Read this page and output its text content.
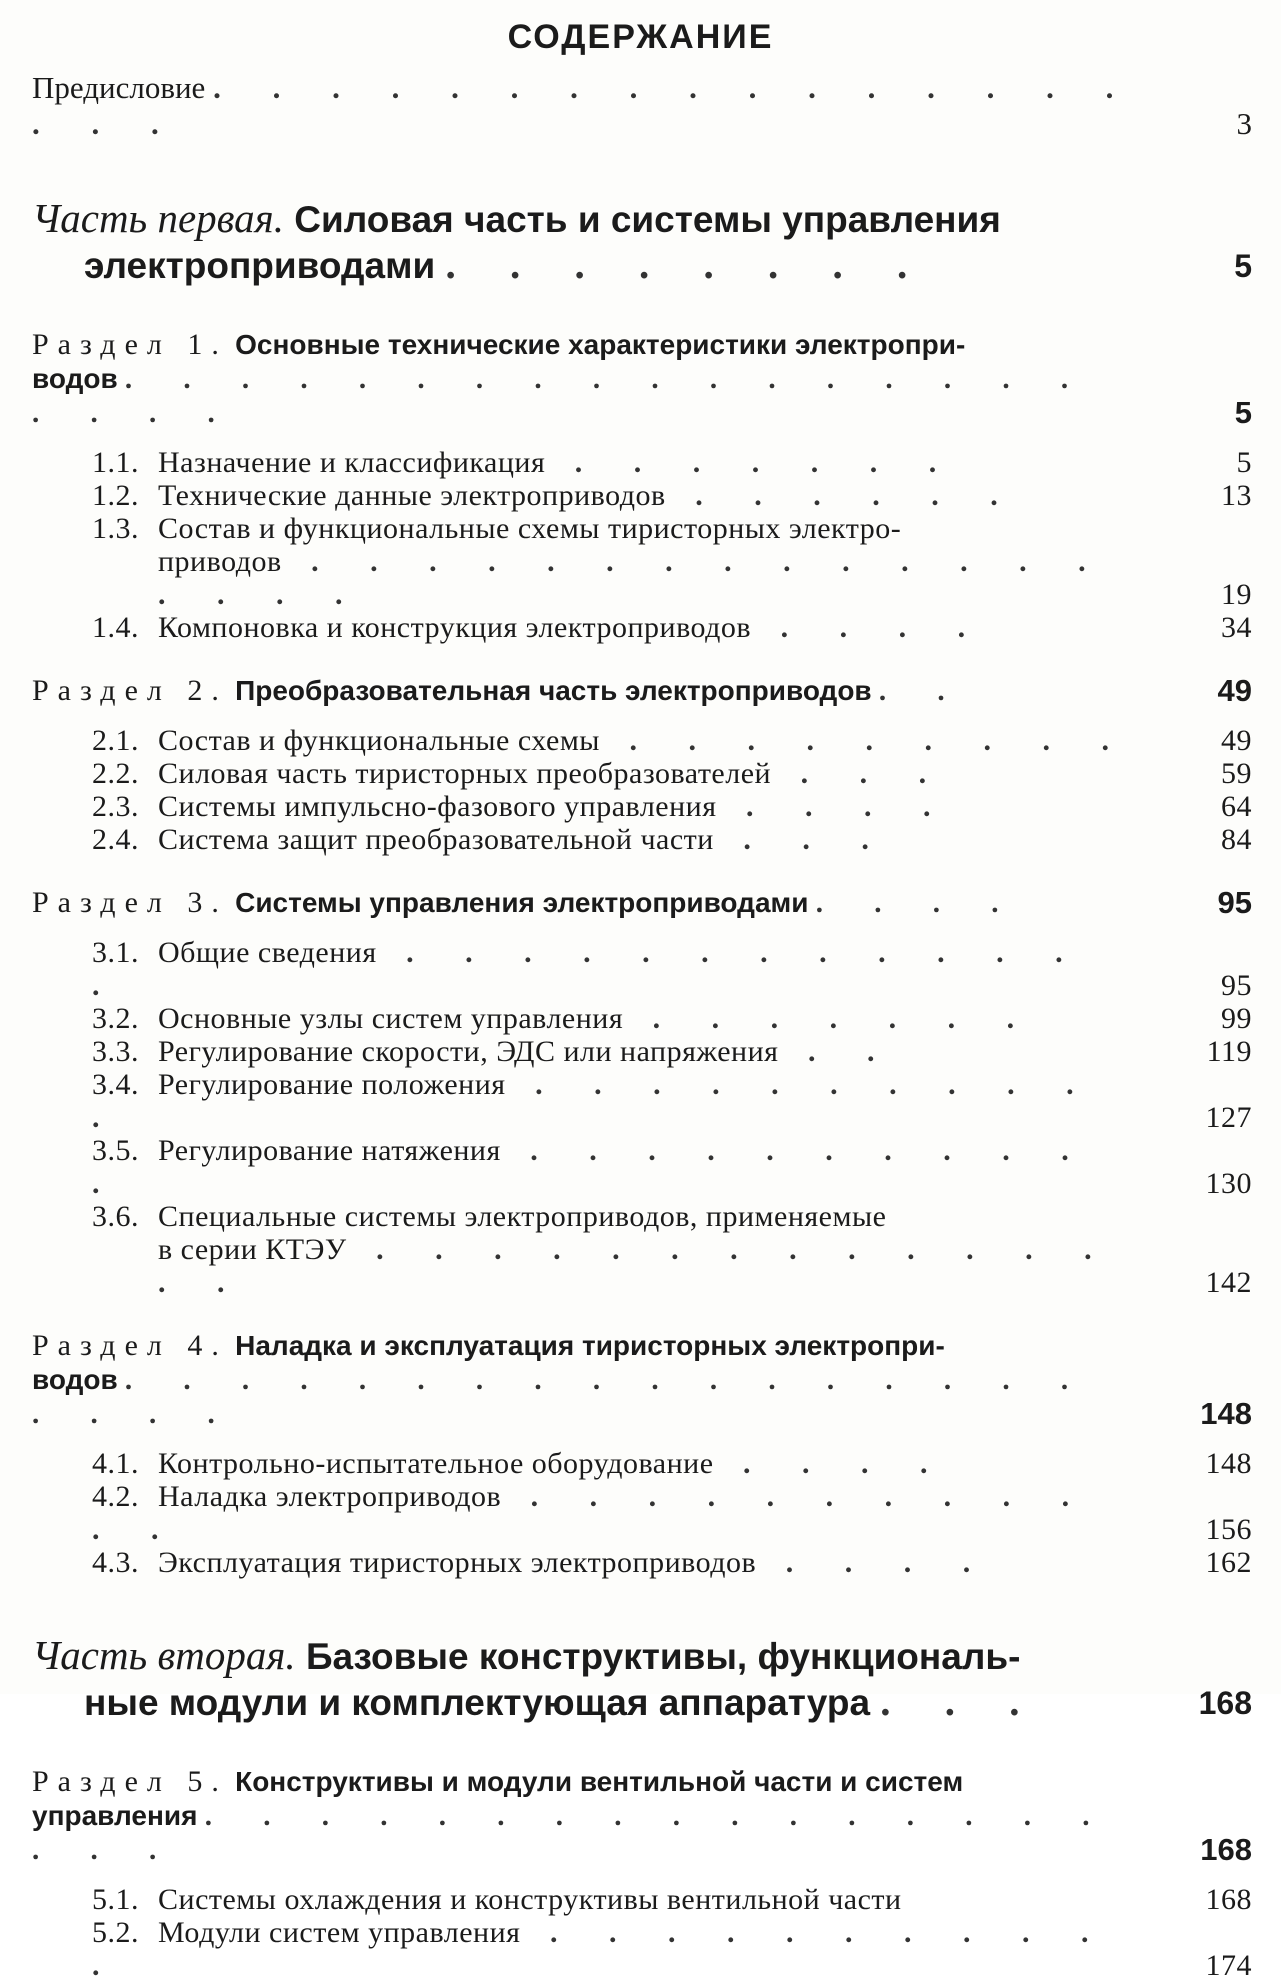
СОДЕРЖАНИЕ
Предисловие . . . . . . . . . . . . . . . . . . .	3
Часть первая. Силовая часть и системы управления
электроприводами . . . . . . . .	5
Раздел 1. Основные технические характеристики электропри-
водов . . . . . . . . . . . . . . . . . . . . .	5
1.1. Назначение и классификация . . . . . . .	5
1.2. Технические данные электроприводов . . . . . .	13
1.3. Состав и функциональные схемы тиристорных электро-
приводов . . . . . . . . . . . . . . . . . .	19
1.4. Компоновка и конструкция электроприводов . . . .	34
Раздел 2. Преобразовательная часть электроприводов . .	49
2.1. Состав и функциональные схемы . . . . . . . . .	49
2.2. Силовая часть тиристорных преобразователей . . .	59
2.3. Системы импульсно-фазового управления . . . .	64
2.4. Система защит преобразовательной части . . .	84
Раздел 3. Системы управления электроприводами . . . .	95
3.1. Общие сведения . . . . . . . . . . . . .	95
3.2. Основные узлы систем управления . . . . . . .	99
3.3. Регулирование скорости, ЭДС или напряжения . .	119
3.4. Регулирование положения . . . . . . . . . . .	127
3.5. Регулирование натяжения . . . . . . . . . . .	130
3.6. Специальные системы электроприводов, применяемые
в серии КТЭУ . . . . . . . . . . . . . . .	142
Раздел 4. Наладка и эксплуатация тиристорных электропри-
водов . . . . . . . . . . . . . . . . . . . . .	148
4.1. Контрольно-испытательное оборудование . . . .	148
4.2. Наладка электроприводов . . . . . . . . . . . .	156
4.3. Эксплуатация тиристорных электроприводов . . . .	162
Часть вторая. Базовые конструктивы, функциональ-
ные модули и комплектующая аппаратура . . .	168
Раздел 5. Конструктивы и модули вентильной части и систем
управления . . . . . . . . . . . . . . . . . . .	168
5.1. Системы охлаждения и конструктивы вентильной части	168
5.2. Модули систем управления . . . . . . . . . . .	174
